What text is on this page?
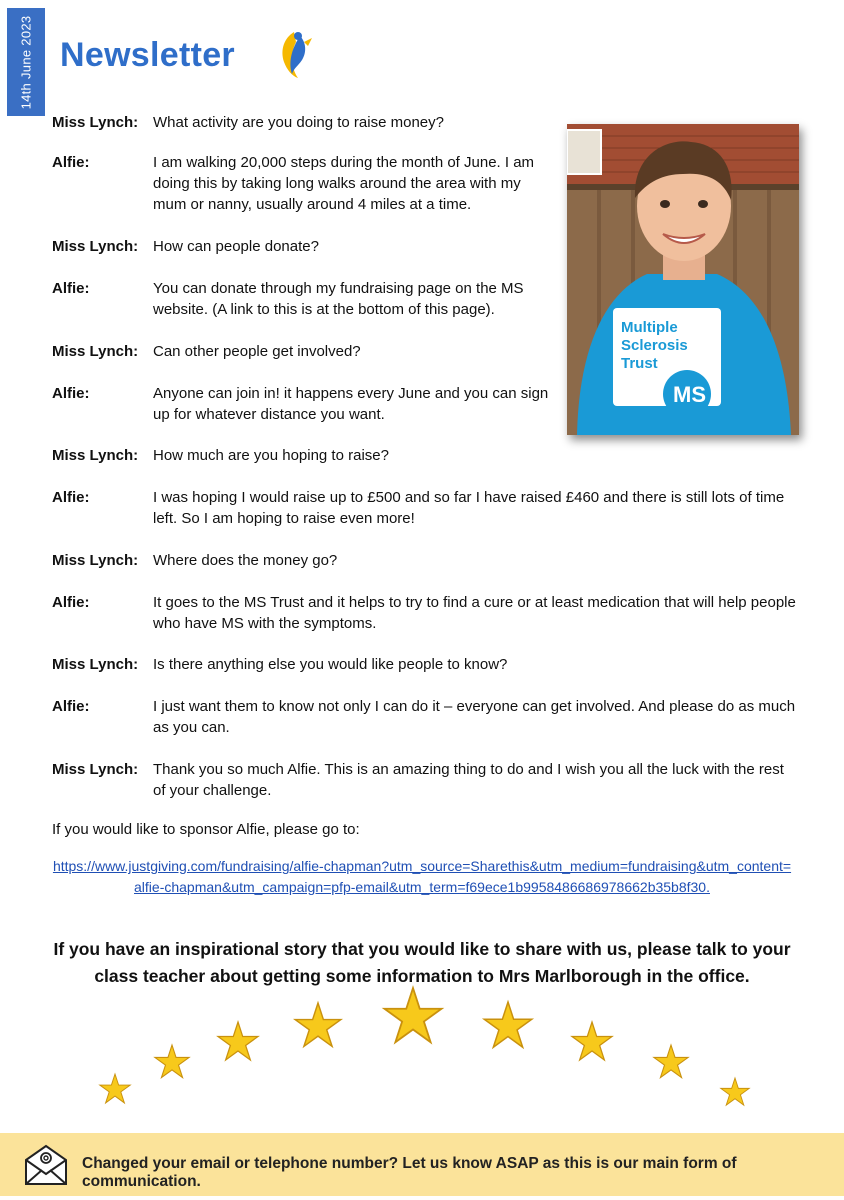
14th June 2023 Newsletter
Miss Lynch: What activity are you doing to raise money?
Alfie:	I am walking 20,000 steps during the month of June. I am doing this by taking long walks around the area with my mum or nanny, usually around 4 miles at a time.
Miss Lynch: How can people donate?
Alfie:	You can donate through my fundraising page on the MS website. (A link to this is at the bottom of this page).
Miss Lynch: Can other people get involved?
Alfie:	Anyone can join in! it happens every June and you can sign up for whatever distance you want.
Miss Lynch: How much are you hoping to raise?
Alfie:	I was hoping I would raise up to £500 and so far I have raised £460 and there is still lots of time left. So I am hoping to raise even more!
Miss Lynch: Where does the money go?
Alfie:	It goes to the MS Trust and it helps to try to find a cure or at least medication that will help people who have MS with the symptoms.
Miss Lynch: Is there anything else you would like people to know?
Alfie:	I just want them to know not only I can do it – everyone can get involved. And please do as much as you can.
Miss Lynch: Thank you so much Alfie. This is an amazing thing to do and I wish you all the luck with the rest of your challenge.
Multiple
Sclerosis
Trust
MS
If you would like to sponsor Alfie, please go to:
https://www.justgiving.com/fundraising/alfie-chapman?utm_source=Sharethis&utm_medium=fundraising&utm_content=alfie-chapman&utm_campaign=pfp-email&utm_term=f69ece1b9958486686978662b35b8f30.
If you have an inspirational story that you would like to share with us, please talk to your class teacher about getting some information to Mrs Marlborough in the office.
Changed your email or telephone number? Let us know ASAP as this is our main form of communication.
